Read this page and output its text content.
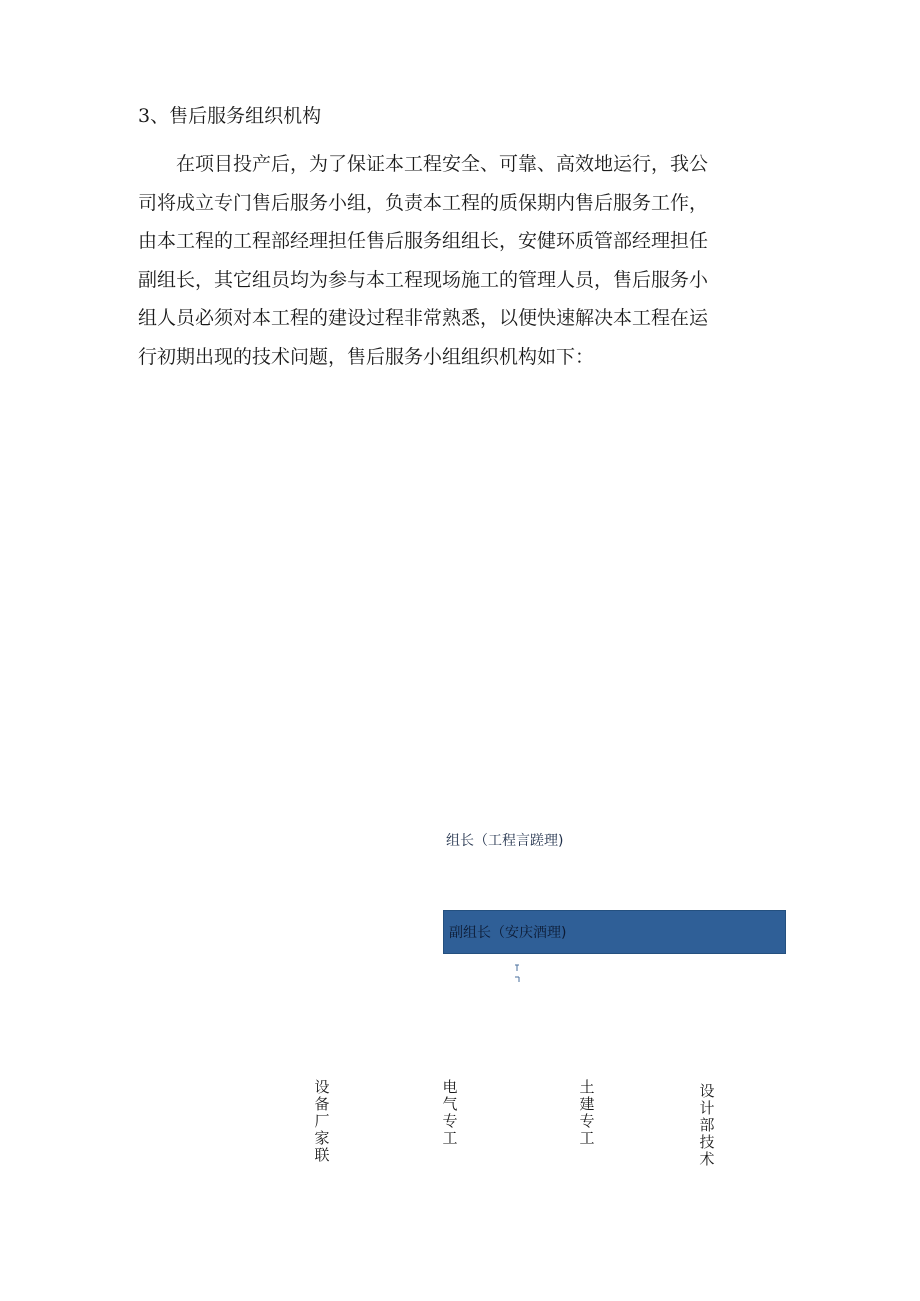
3、售后服务组织机构
　　在项目投产后，为了保证本工程安全、可靠、高效地运行，我公
司将成立专门售后服务小组，负责本工程的质保期内售后服务工作，
由本工程的工程部经理担任售后服务组组长，安健环质管部经理担任
副组长，其它组员均为参与本工程现场施工的管理人员，售后服务小
组人员必须对本工程的建设过程非常熟悉，以便快速解决本工程在运
行初期出现的技术问题，售后服务小组组织机构如下：
组长（工程言蹉理)
副组长（安庆酒理)
设备厂家联
电气专工
土建专工
设计部技术
